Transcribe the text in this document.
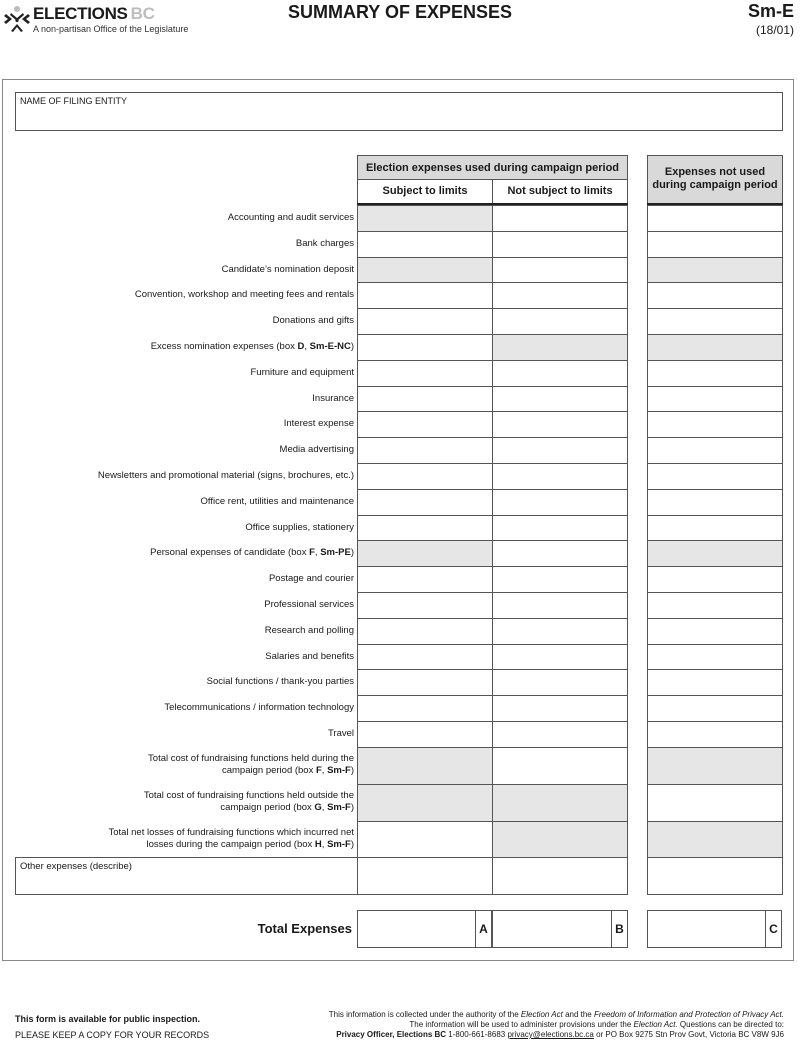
ELECTIONS BC
A non-partisan Office of the Legislature
SUMMARY OF EXPENSES	Sm-E
(18/01)
NAME OF FILING ENTITY
Election expenses used during campaign period
Subject to limits	Not subject to limits
Expenses not used during campaign period
Accounting and audit services
Bank charges
Candidate’s nomination deposit
Convention, workshop and meeting fees and rentals
Donations and gifts
Excess nomination expenses (box D, Sm-E-NC)
Furniture and equipment
Insurance
Interest expense
Media advertising
Newsletters and promotional material (signs, brochures, etc.)
Office rent, utilities and maintenance
Office supplies, stationery
Personal expenses of candidate (box F, Sm-PE)
Postage and courier
Professional services
Research and polling
Salaries and benefits
Social functions / thank-you parties
Telecommunications / information technology
Travel
Total cost of fundraising functions held during the
campaign period (box F, Sm-F)
Total cost of fundraising functions held outside the
campaign period (box G, Sm-F)
Total net losses of fundraising functions which incurred net
losses during the campaign period (box H, Sm-F)
Other expenses (describe)
Total Expenses	A	B	C
This form is available for public inspection.
PLEASE KEEP A COPY FOR YOUR RECORDS
This information is collected under the authority of the Election Act and the Freedom of Information and Protection of Privacy Act.
The information will be used to administer provisions under the Election Act. Questions can be directed to:
Privacy Officer, Elections BC 1-800-661-8683 privacy@elections.bc.ca or PO Box 9275 Stn Prov Govt, Victoria BC V8W 9J6
